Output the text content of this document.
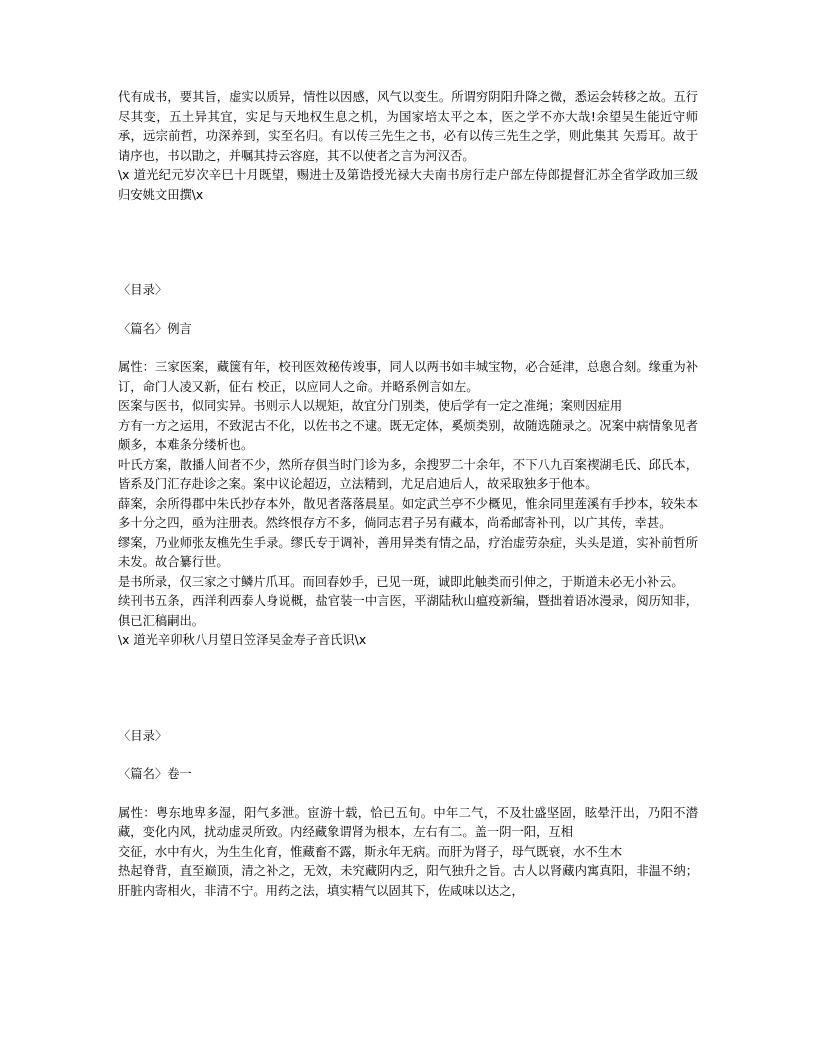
代有成书，要其旨，虚实以质异，情性以因感，风气以变生。所谓穷阴阳升降之微，悉运会转移之故。五行尽其变，五土异其宜，实足与天地权生息之机，为国家培太平之本，医之学不亦大哉!余望吴生能近守师承，远宗前哲，功深养到，实至名归。有以传三先生之书，必有以传三先生之学，则此集其 矢焉耳。故于请序也，书以勖之，并嘱其持云容庭，其不以使者之言为河汉否。

\x 道光纪元岁次辛巳十月既望，赐进士及第诰授光禄大夫南书房行走户部左侍郎提督汇苏全省学政加三级归安姚文田撰\x

〈目录〉

〈篇名〉例言

属性：三家医案，藏箧有年，校刊医效秘传竣事，同人以两书如丰城宝物，必合延津，总悤合刻。缘重为补订，命门人凌又新，佂右 校正，以应同人之命。并略系例言如左。

医案与医书，似同实异。书则示人以规矩，故宜分门别类，使后学有一定之准绳；案则因症用

方有一方之运用，不致泥古不化，以佐书之不逮。既无定体，奚烦类别，故随选随录之。况案中病情象见者颇多，本难条分缕析也。

叶氏方案，散播人间者不少，然所存俱当时门诊为多，余搜罗二十余年，不下八九百案禊湖毛氏、邱氏本，皆系及门汇存赴诊之案。案中议论超迈，立法精到，尤足启迪后人，故采取独多于他本。

薛案，余所得郡中朱氏抄存本外，散见者落落晨星。如定武兰亭不少概见，惟余同里莲溪有手抄本，较朱本多十分之四，亟为注册表。然终恨存方不多，倘同志君子另有藏本，尚希邮寄补刊，以广其传，幸甚。

缪案，乃业师张友樵先生手录。缪氏专于调补，善用异类有情之品，疗治虚劳杂症，头头是道，实补前哲所未发。故合纂行世。

是书所录，仅三家之寸鳞片爪耳。而回春妙手，已见一斑，诚即此触类而引伸之，于斯道未必无小补云。

续刊书五条，西洋利西泰人身说概，盐官装一中言医，平湖陆秋山瘟疫新编，暨拙着语冰漫录，阅历知非，俱已汇稿嗣出。

\x 道光辛卯秋八月望日笠泽吴金寿子音氏识\x

〈目录〉

〈篇名〉卷一

属性：粤东地卑多湿，阳气多泄。宦游十载，恰已五旬。中年二气，不及壮盛坚固，眩晕汗出，乃阳不潜藏，变化内风，扰动虚灵所致。内经藏象谓肾为根本，左右有二。盖一阴一阳，互相

交征，水中有火，为生生化育，惟藏畜不露，斯永年无病。而肝为肾子，母气既衰，水不生木

热起脊背，直至巅顶，清之补之，无效，未究藏阴内乏，阳气独升之旨。古人以肾藏内寓真阳，非温不纳；肝脏内寄相火，非清不宁。用药之法，填实精气以固其下，佐咸味以达之，
